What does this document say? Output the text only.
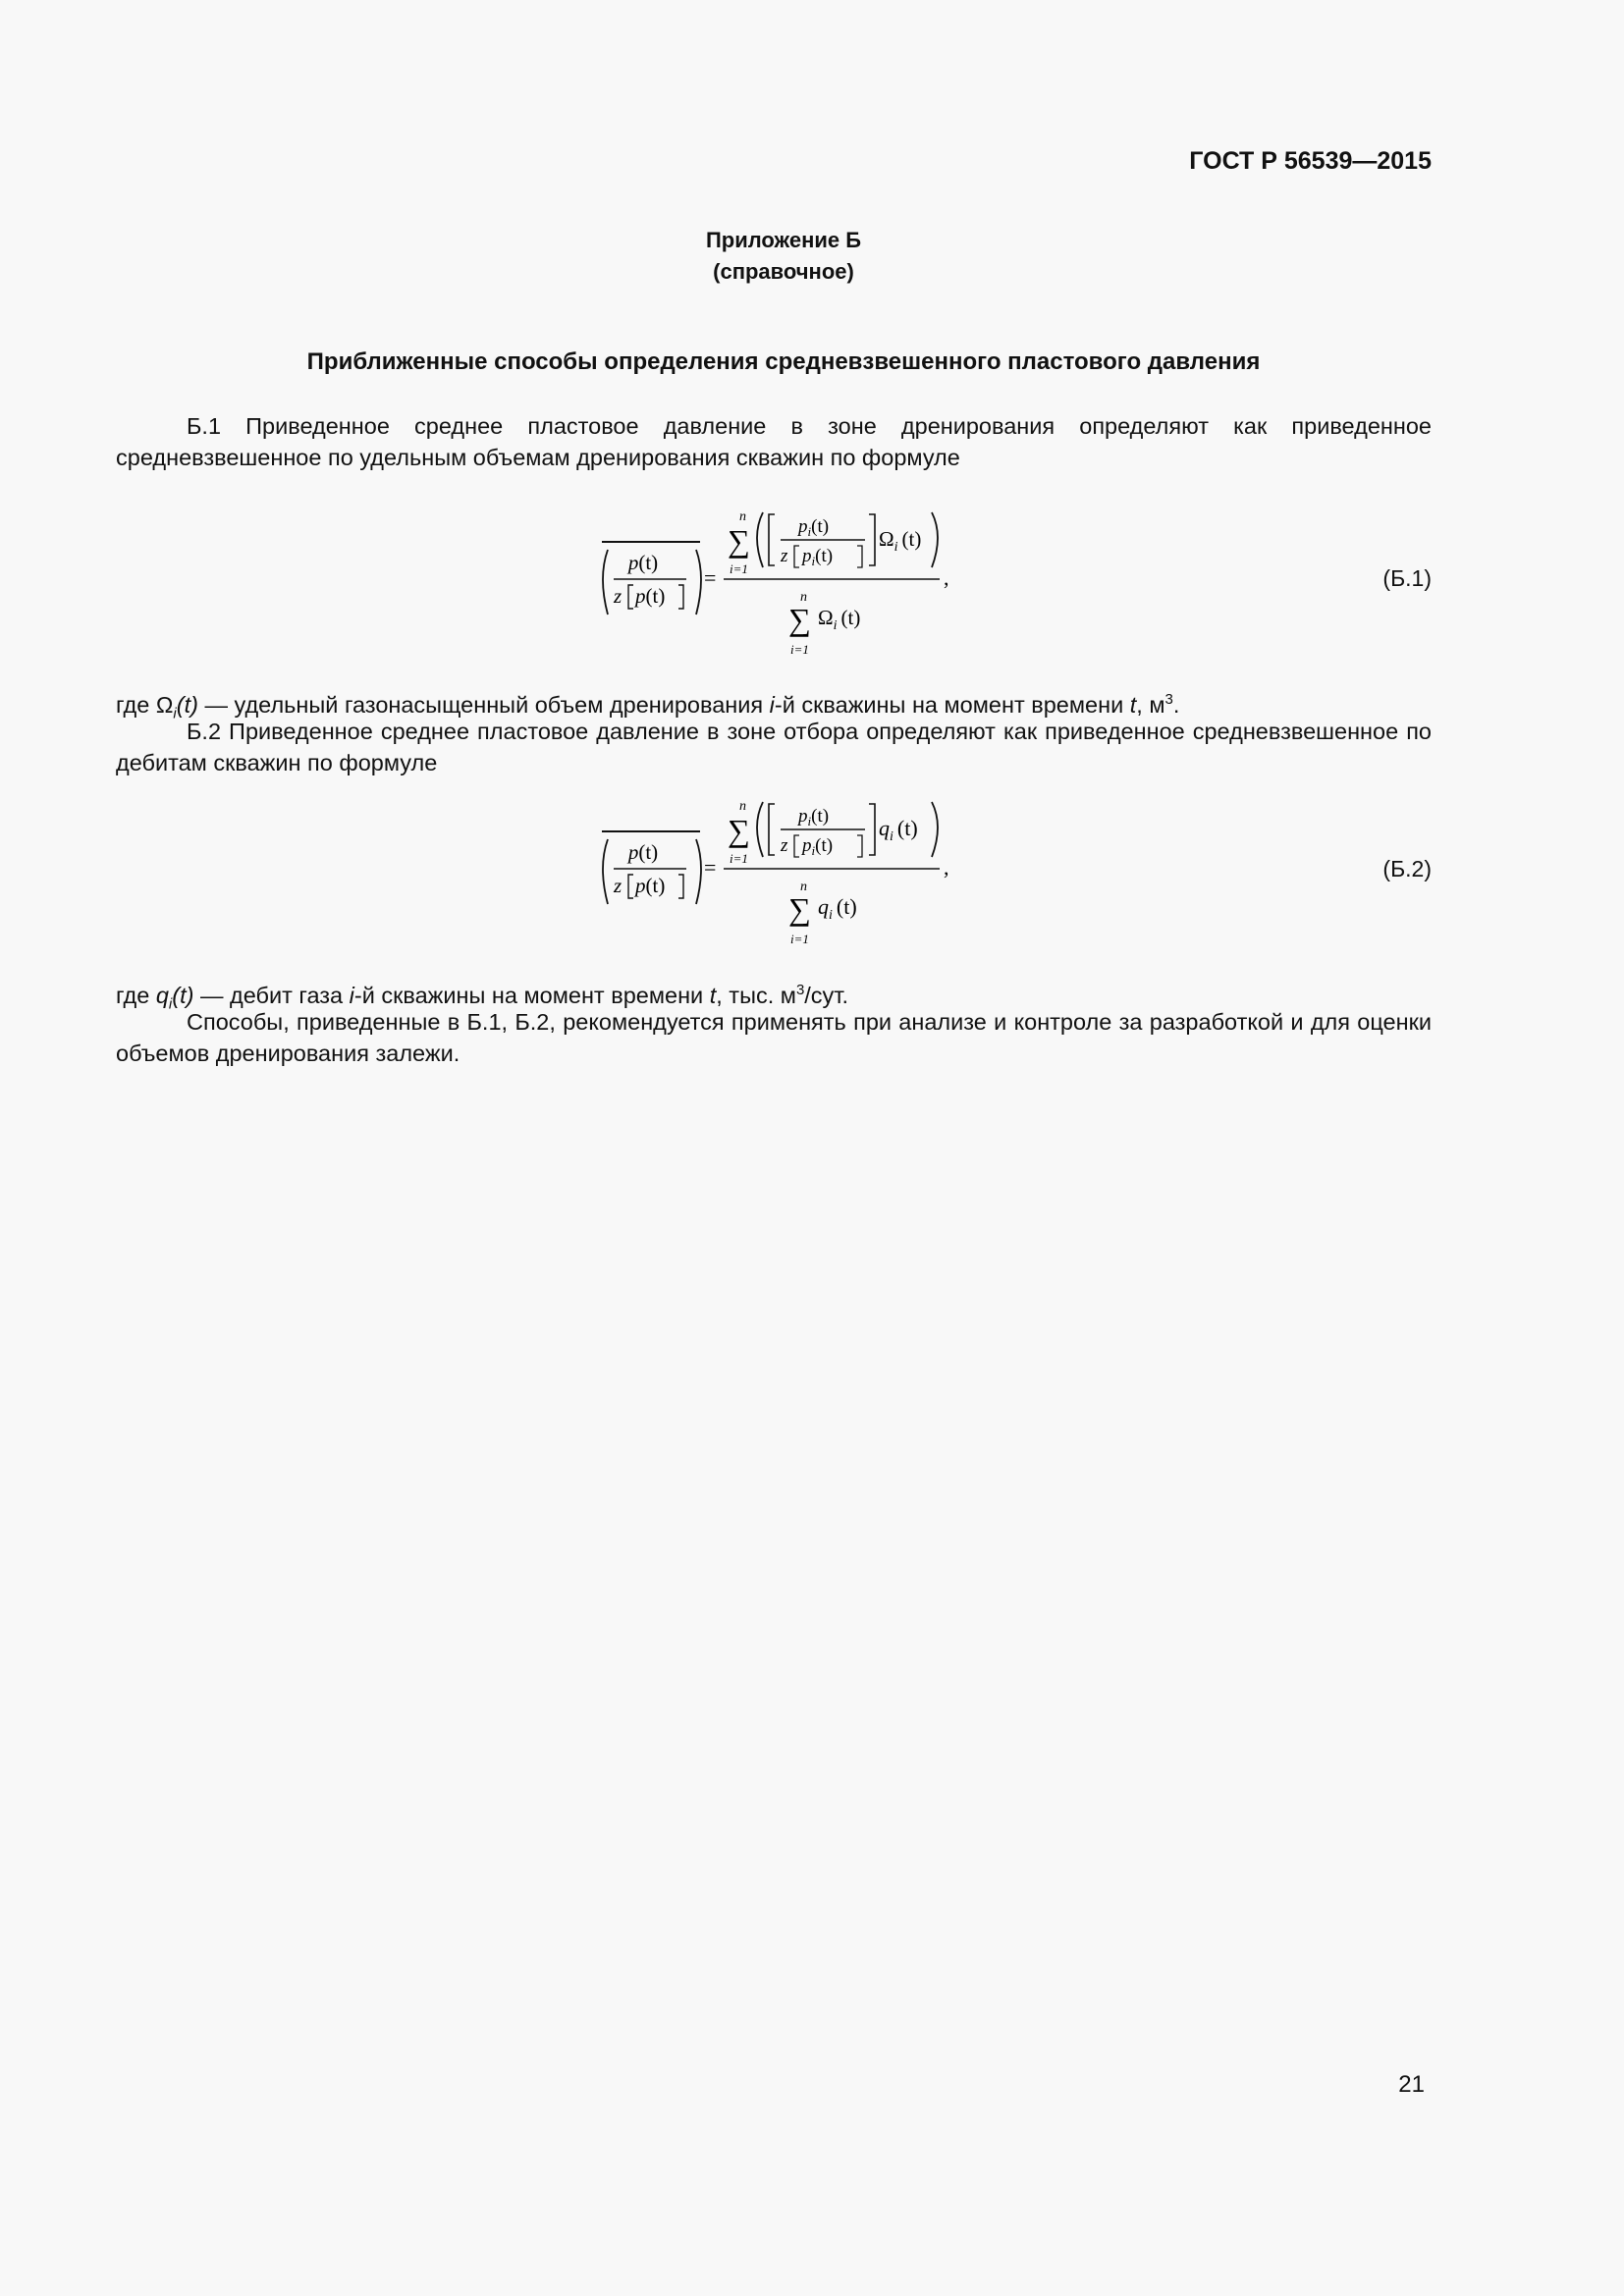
ГОСТ Р 56539—2015
Приложение Б
(справочное)
Приближенные способы определения средневзвешенного пластового давления
Б.1 Приведенное среднее пластовое давление в зоне дренирования определяют как приведенное средневзвешенное по удельным объемам дренирования скважин по формуле
p(t)
z p(t)
=
n
∑
i=1
$p_i(t)$
z $p_i(t)$
$\Omega_i$ (t)
n
∑
i=1
$\Omega_i$ (t)
,	(Б.1)
где $\Omega_i(t)$ — удельный газонасыщенный объем дренирования i-й скважины на момент времени t, $м^3$.
Б.2 Приведенное среднее пластовое давление в зоне отбора определяют как приведенное средневзвешенное по дебитам скважин по формуле
p(t)
z p(t)
=
n
∑
i=1
$p_i(t)$
z $p_i(t)$
$q_i$ (t)
n
∑
i=1
$q_i$ (t)
,	(Б.2)
где $q_i(t)$ — дебит газа i-й скважины на момент времени t, тыс. $м^3$/сут.
Способы, приведенные в Б.1, Б.2, рекомендуется применять при анализе и контроле за разработкой и для оценки объемов дренирования залежи.
21
